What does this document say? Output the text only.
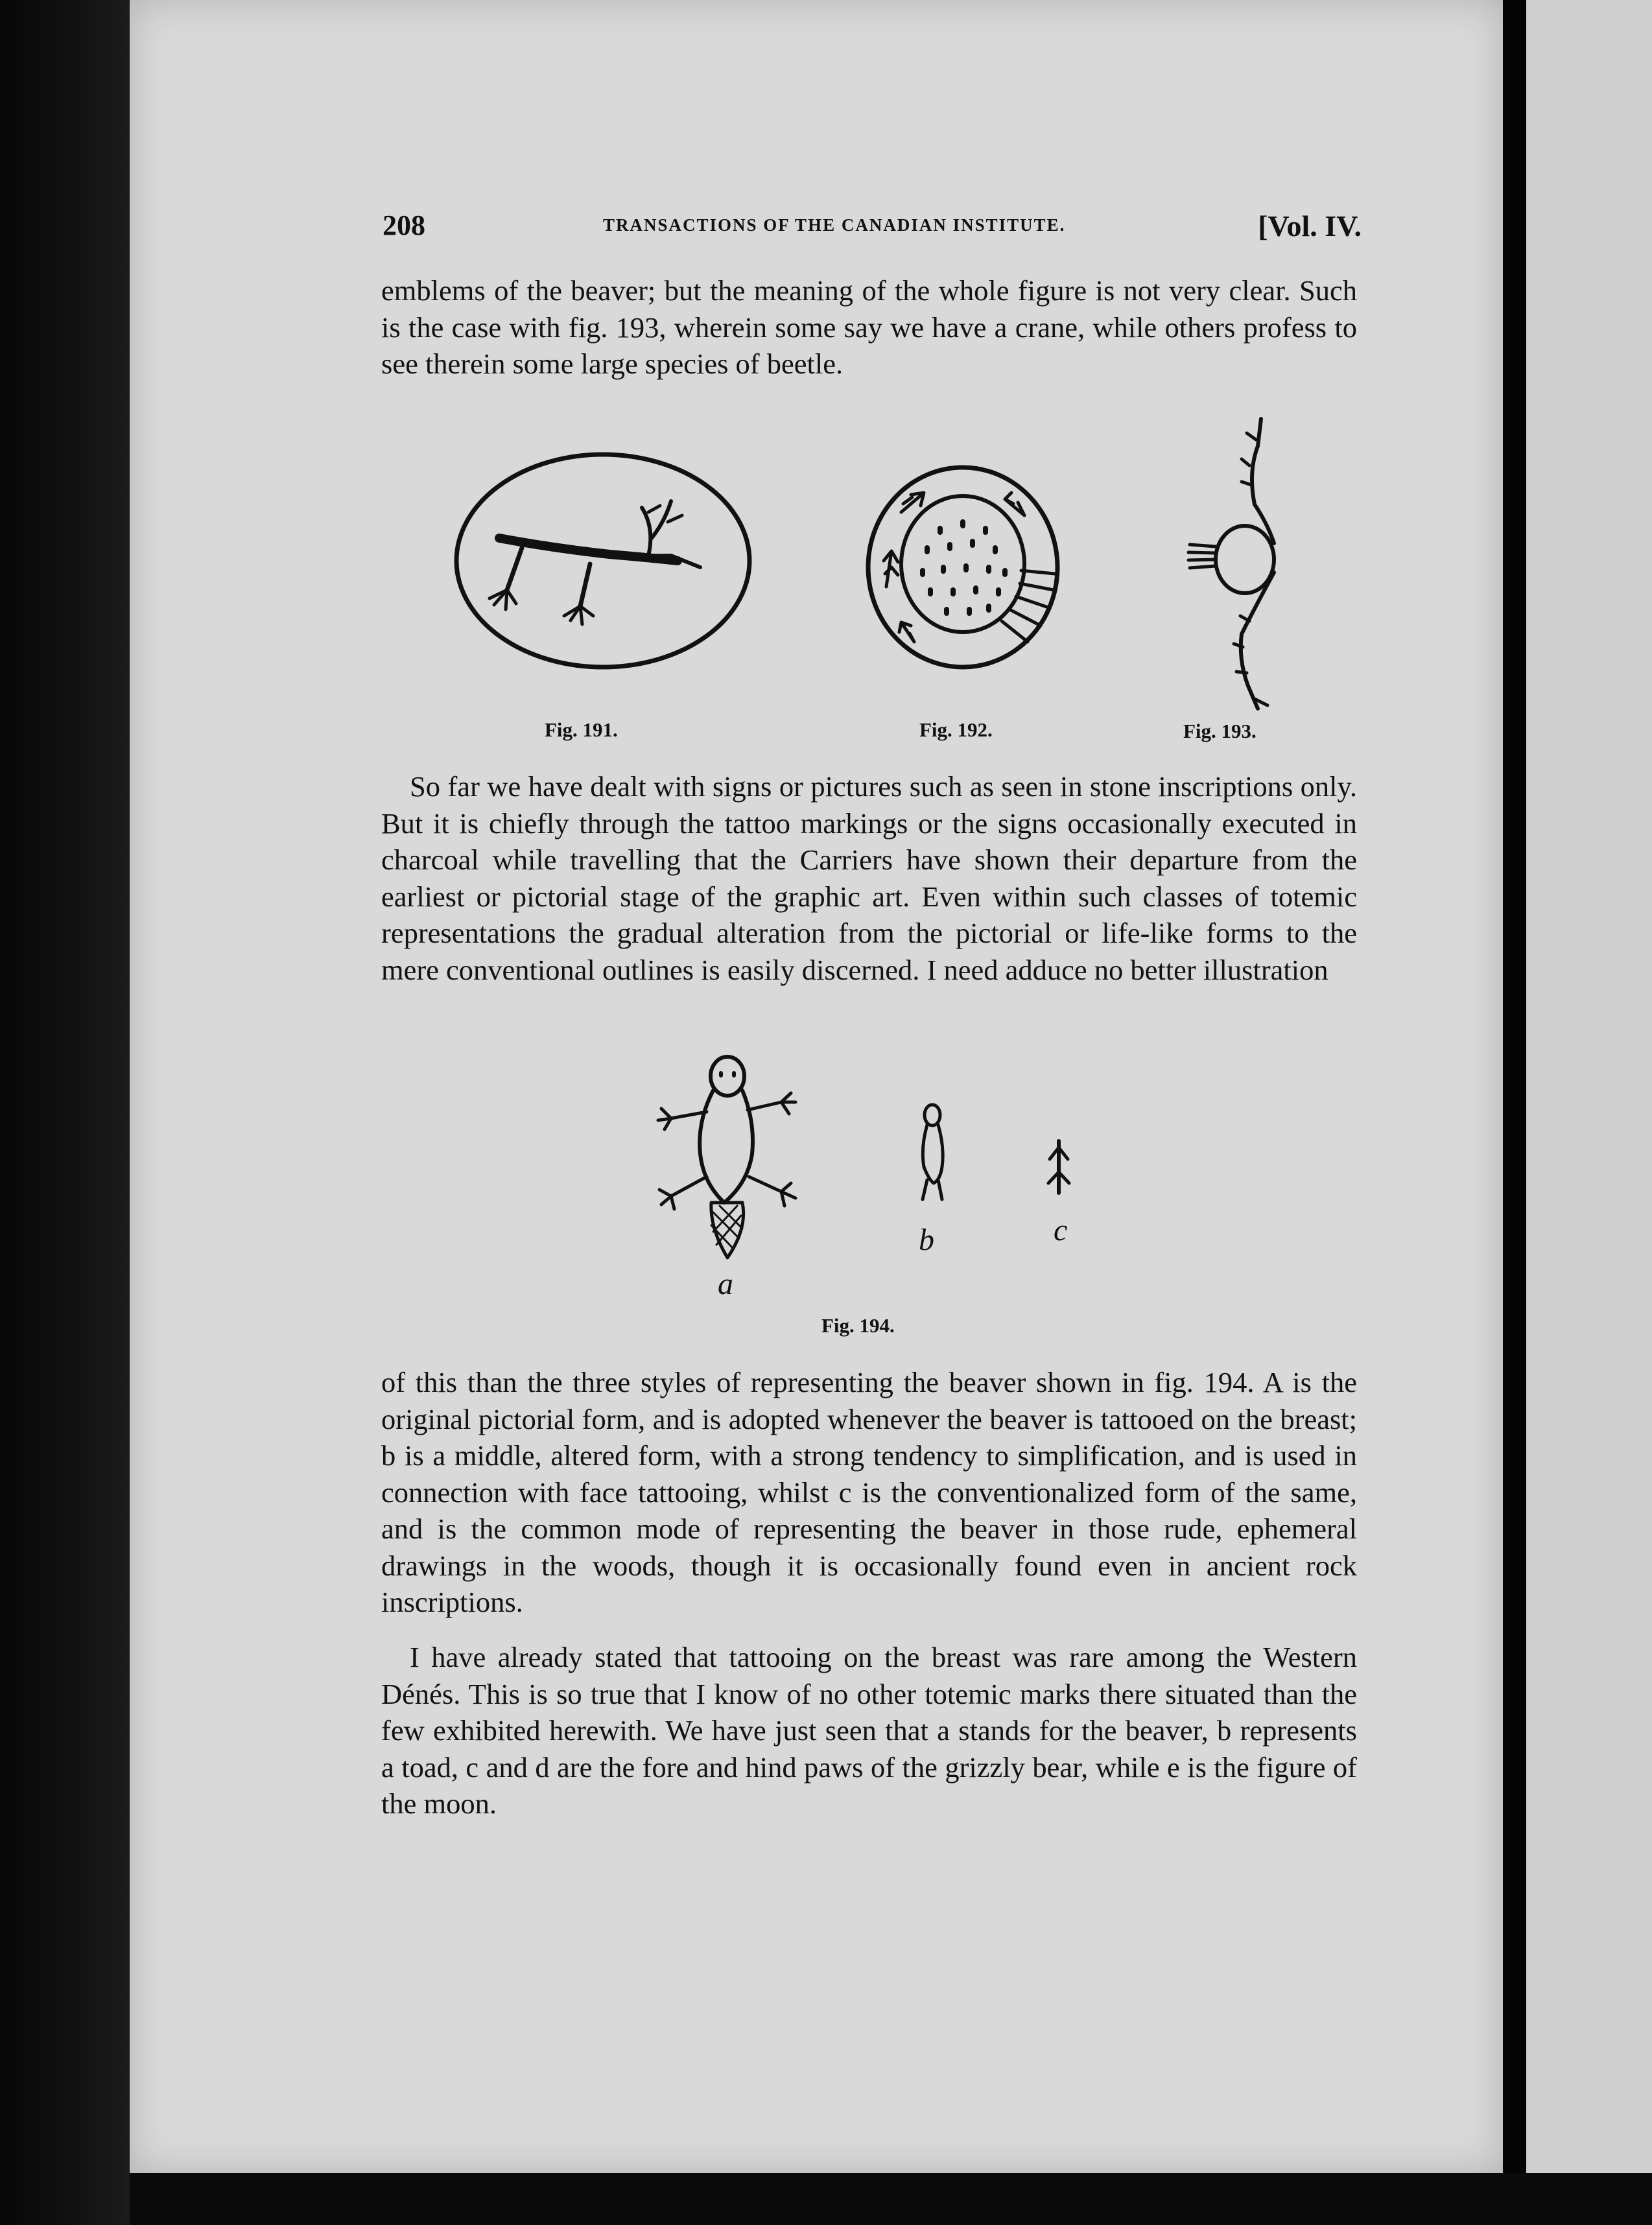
208	TRANSACTIONS OF THE CANADIAN INSTITUTE.	[Vol. IV.

emblems of the beaver; but the meaning of the whole figure is not very clear. Such is the case with fig. 193, wherein some say we have a crane, while others profess to see therein some large species of beetle.

Fig. 191.	Fig. 192.	Fig. 193.

So far we have dealt with signs or pictures such as seen in stone inscriptions only. But it is chiefly through the tattoo markings or the signs occasionally executed in charcoal while travelling that the Carriers have shown their departure from the earliest or pictorial stage of the graphic art. Even within such classes of totemic representations the gradual alteration from the pictorial or life-like forms to the mere conventional outlines is easily discerned. I need adduce no better illustration

a
b	c
Fig. 194.

of this than the three styles of representing the beaver shown in fig. 194. A is the original pictorial form, and is adopted whenever the beaver is tattooed on the breast; b is a middle, altered form, with a strong tendency to simplification, and is used in connection with face tattooing, whilst c is the conventionalized form of the same, and is the common mode of representing the beaver in those rude, ephemeral drawings in the woods, though it is occasionally found even in ancient rock inscriptions.

I have already stated that tattooing on the breast was rare among the Western Dénés. This is so true that I know of no other totemic marks there situated than the few exhibited herewith. We have just seen that a stands for the beaver, b represents a toad, c and d are the fore and hind paws of the grizzly bear, while e is the figure of the moon.
